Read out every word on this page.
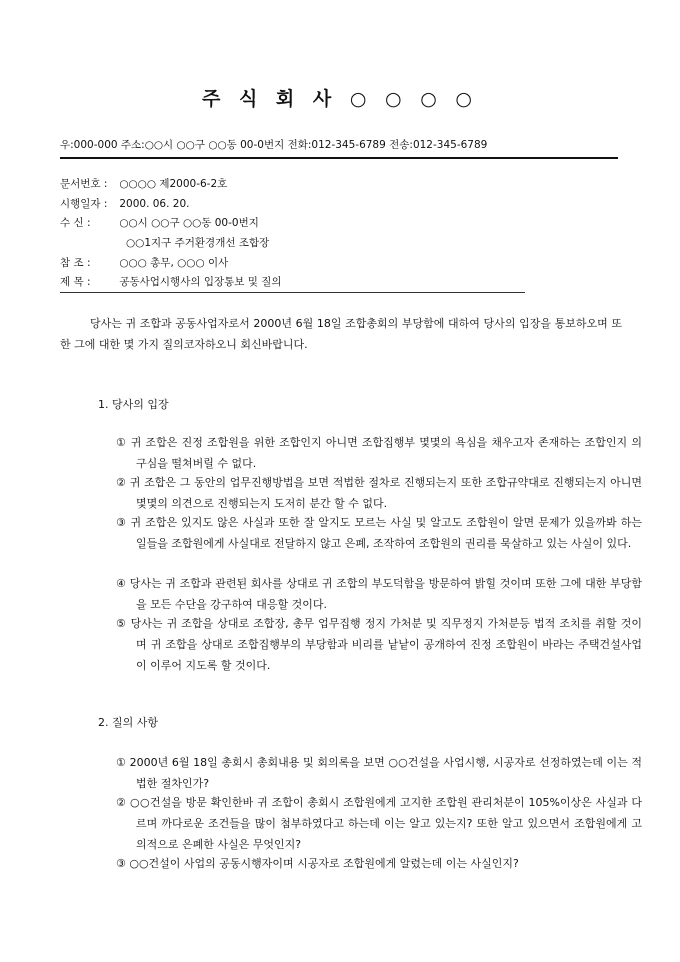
주 식 회 사 ○ ○ ○ ○
우:000-000 주소:○○시 ○○구 ○○동 00-0번지 전화:012-345-6789 전송:012-345-6789
문서번호 : ○○○○ 제2000-6-2호
시행일자 : 2000. 06. 20.
수 신 :	○○시 ○○구 ○○동 00-0번지
○○1지구 주거환경개선 조합장
참 조 :	○○○ 총무, ○○○ 이사
제 목 :	공동사업시행사의 입장통보 및 질의
당사는 귀 조합과 공동사업자로서 2000년 6월 18일 조합총회의 부당함에 대하여 당사의 입장을 통보하오며 또한 그에 대한 몇 가지 질의코자하오니 회신바랍니다.
1. 당사의 입장
① 귀 조합은 진정 조합원을 위한 조합인지 아니면 조합집행부 몇몇의 욕심을 채우고자 존재하는 조합인지 의구심을 떨쳐버릴 수 없다.
② 귀 조합은 그 동안의 업무진행방법을 보면 적법한 절차로 진행되는지 또한 조합규약대로 진행되는지 아니면 몇몇의 의견으로 진행되는지 도저히 분간 할 수 없다.
③ 귀 조합은 있지도 않은 사실과 또한 잘 알지도 모르는 사실 및 알고도 조합원이 알면 문제가 있을까봐 하는 일들을 조합원에게 사실대로 전달하지 않고 은폐, 조작하여 조합원의 권리를 묵살하고 있는 사실이 있다.
④ 당사는 귀 조합과 관련된 회사를 상대로 귀 조합의 부도덕함을 방문하여 밝힐 것이며 또한 그에 대한 부당함을 모든 수단을 강구하여 대응할 것이다.
⑤ 당사는 귀 조합을 상대로 조합장, 총무 업무집행 정지 가처분 및 직무정지 가처분등 법적 조치를 취할 것이며 귀 조합을 상대로 조합집행부의 부당함과 비리를 낱낱이 공개하여 진정 조합원이 바라는 주택건설사업이 이루어 지도록 할 것이다.
2. 질의 사항
① 2000년 6월 18일 총회시 총회내용 및 회의록을 보면 ○○건설을 사업시행, 시공자로 선정하였는데 이는 적법한 절차인가?
② ○○건설을 방문 확인한바 귀 조합이 총회시 조합원에게 고지한 조합원 관리처분이 105%이상은 사실과 다르며 까다로운 조건들을 많이 첨부하였다고 하는데 이는 알고 있는지? 또한 알고 있으면서 조합원에게 고의적으로 은폐한 사실은 무엇인지?
③ ○○건설이 사업의 공동시행자이며 시공자로 조합원에게 알렸는데 이는 사실인지?
